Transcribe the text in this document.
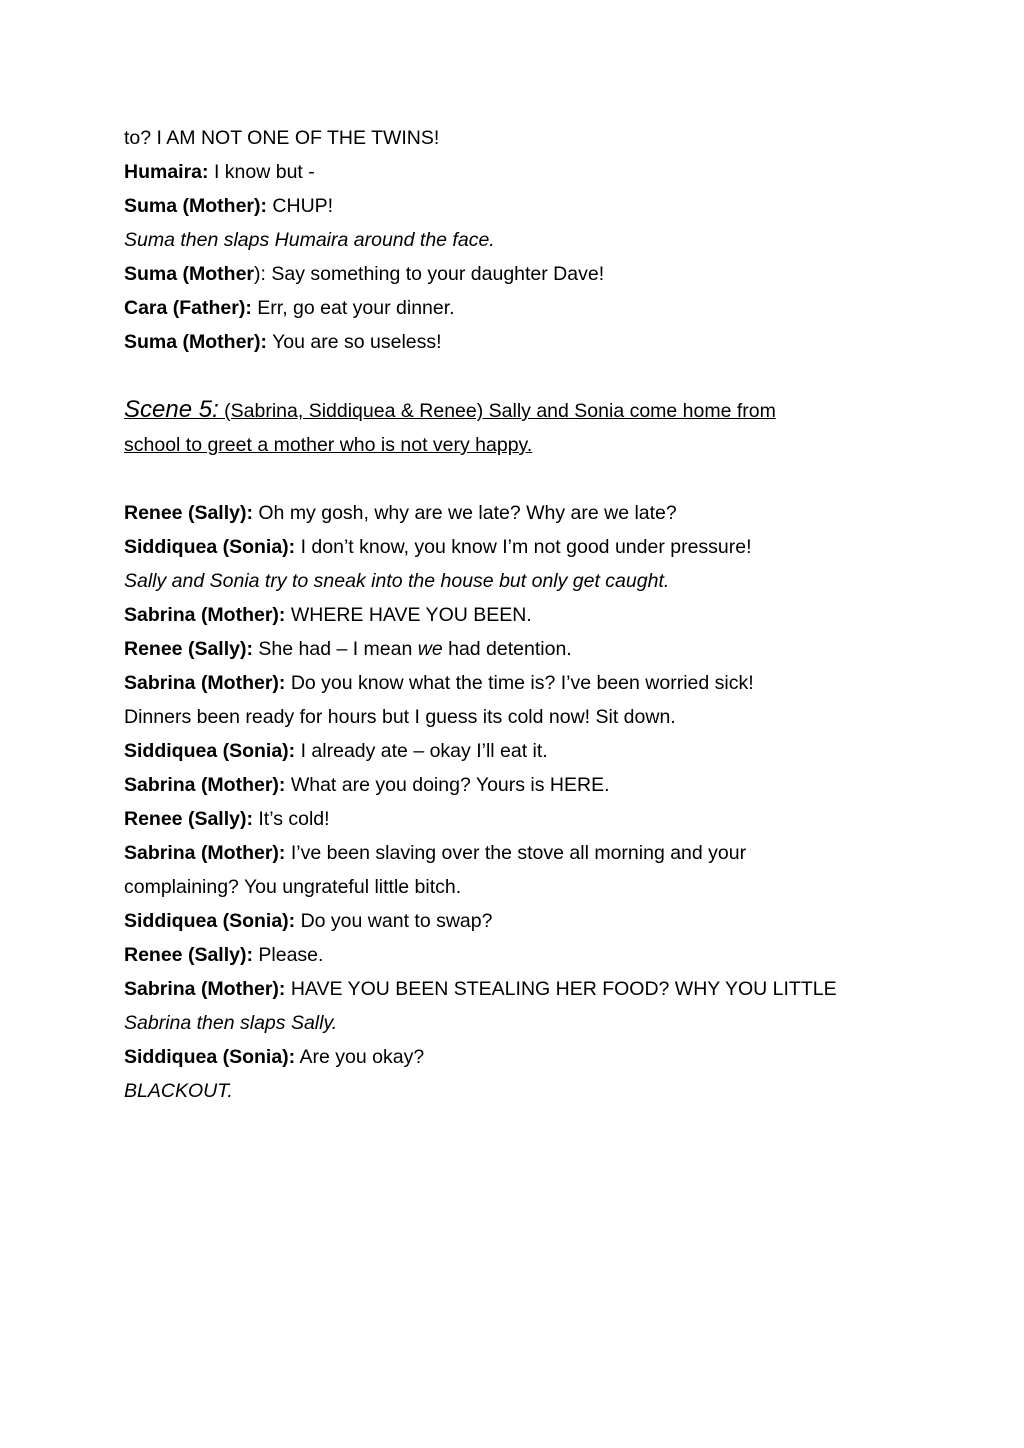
to? I AM NOT ONE OF THE TWINS!

Humaira: I know but -

Suma (Mother): CHUP!

Suma then slaps Humaira around the face.

Suma (Mother): Say something to your daughter Dave!

Cara (Father): Err, go eat your dinner.

Suma (Mother): You are so useless!

Scene 5: (Sabrina, Siddiquea & Renee) Sally and Sonia come home from
school to greet a mother who is not very happy.

Renee (Sally): Oh my gosh, why are we late? Why are we late?

Siddiquea (Sonia): I don’t know, you know I’m not good under pressure!

Sally and Sonia try to sneak into the house but only get caught.

Sabrina (Mother): WHERE HAVE YOU BEEN.

Renee (Sally): She had – I mean we had detention.

Sabrina (Mother): Do you know what the time is? I’ve been worried sick!

Dinners been ready for hours but I guess its cold now! Sit down.

Siddiquea (Sonia): I already ate – okay I’ll eat it.

Sabrina (Mother): What are you doing? Yours is HERE.

Renee (Sally): It’s cold!

Sabrina (Mother): I’ve been slaving over the stove all morning and your

complaining? You ungrateful little bitch.

Siddiquea (Sonia): Do you want to swap?

Renee (Sally): Please.

Sabrina (Mother): HAVE YOU BEEN STEALING HER FOOD? WHY YOU LITTLE

Sabrina then slaps Sally.

Siddiquea (Sonia): Are you okay?

BLACKOUT.
